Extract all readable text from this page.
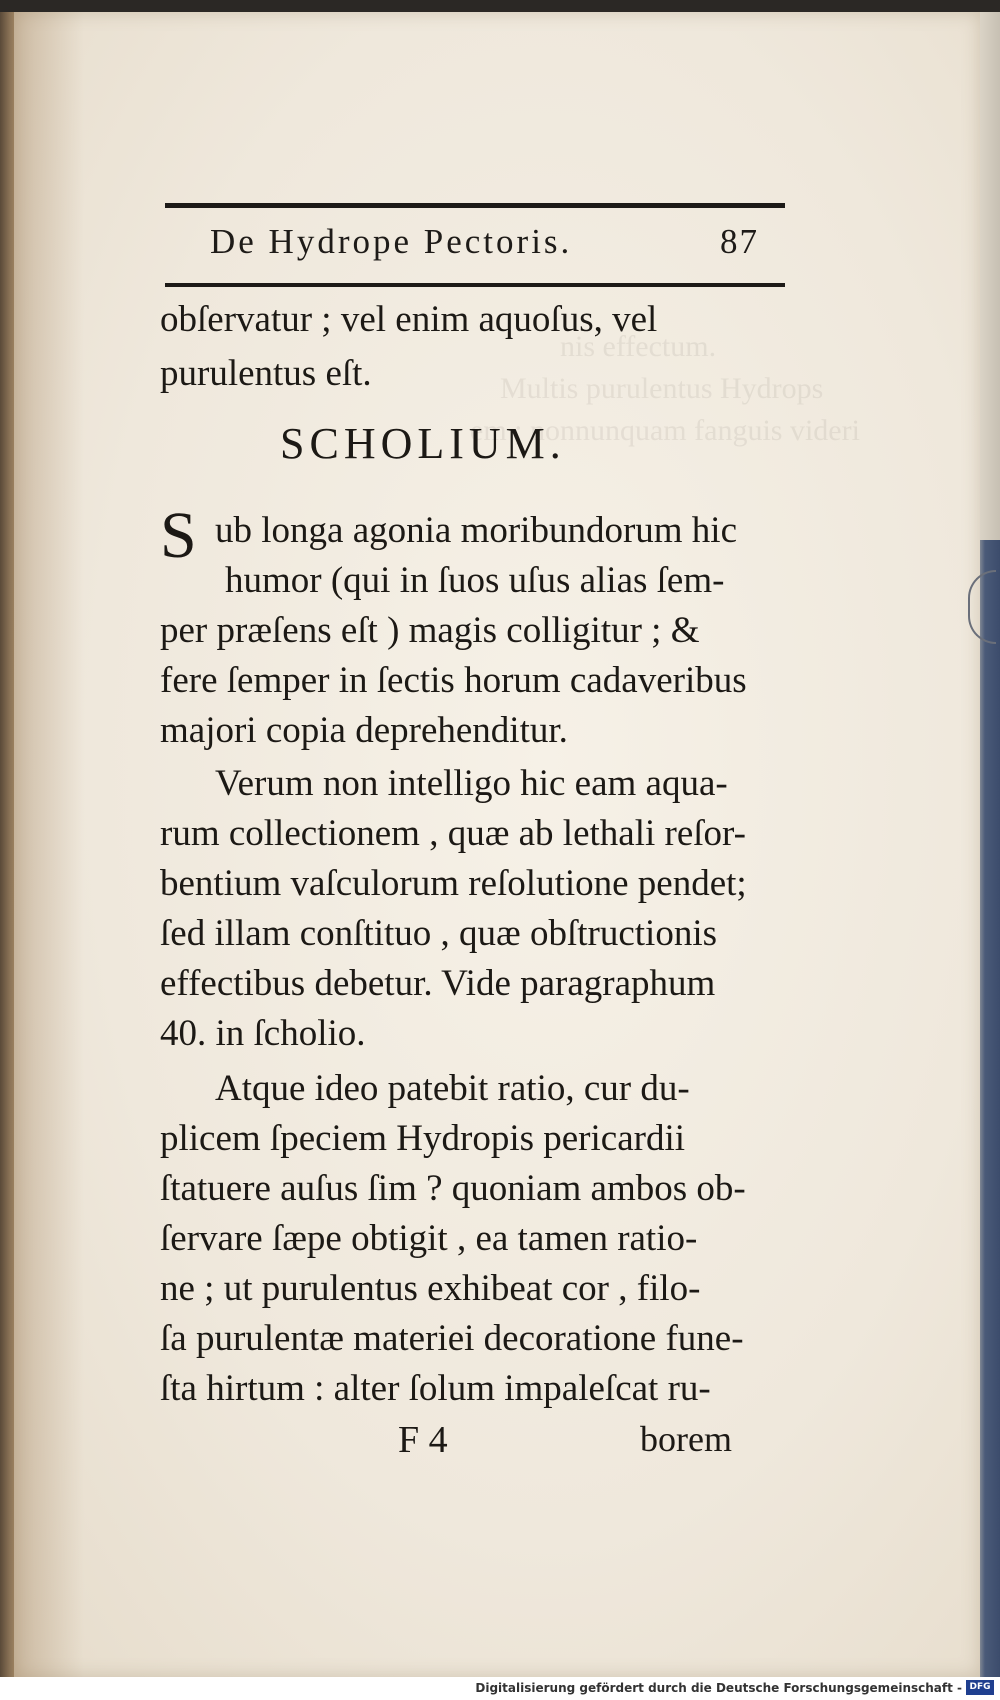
nis effectum.
Multis purulentus Hydrops
em ; nonnunquam fanguis videri
De Hydrope Pectoris.	87
obſervatur ; vel enim aquoſus, vel
purulentus eſt.
SCHOLIUM.
S ub longa agonia moribundorum hic
humor (qui in ſuos uſus alias ſem-
per præſens eſt ) magis colligitur ; &
fere ſemper in ſectis horum cadaveribus
majori copia deprehenditur.
Verum non intelligo hic eam aqua-
rum collectionem , quæ ab lethali reſor-
bentium vaſculorum reſolutione pendet;
ſed illam conſtituo , quæ obſtructionis
effectibus debetur. Vide paragraphum
40. in ſcholio.
Atque ideo patebit ratio, cur du-
plicem ſpeciem Hydropis pericardii
ſtatuere auſus ſim ? quoniam ambos ob-
ſervare ſæpe obtigit , ea tamen ratio-
ne ; ut purulentus exhibeat cor , filo-
ſa purulentæ materiei decoratione fune-
ſta hirtum : alter ſolum impaleſcat ru-
F 4	borem
Digitalisierung gefördert durch die Deutsche Forschungsgemeinschaft - DFG
